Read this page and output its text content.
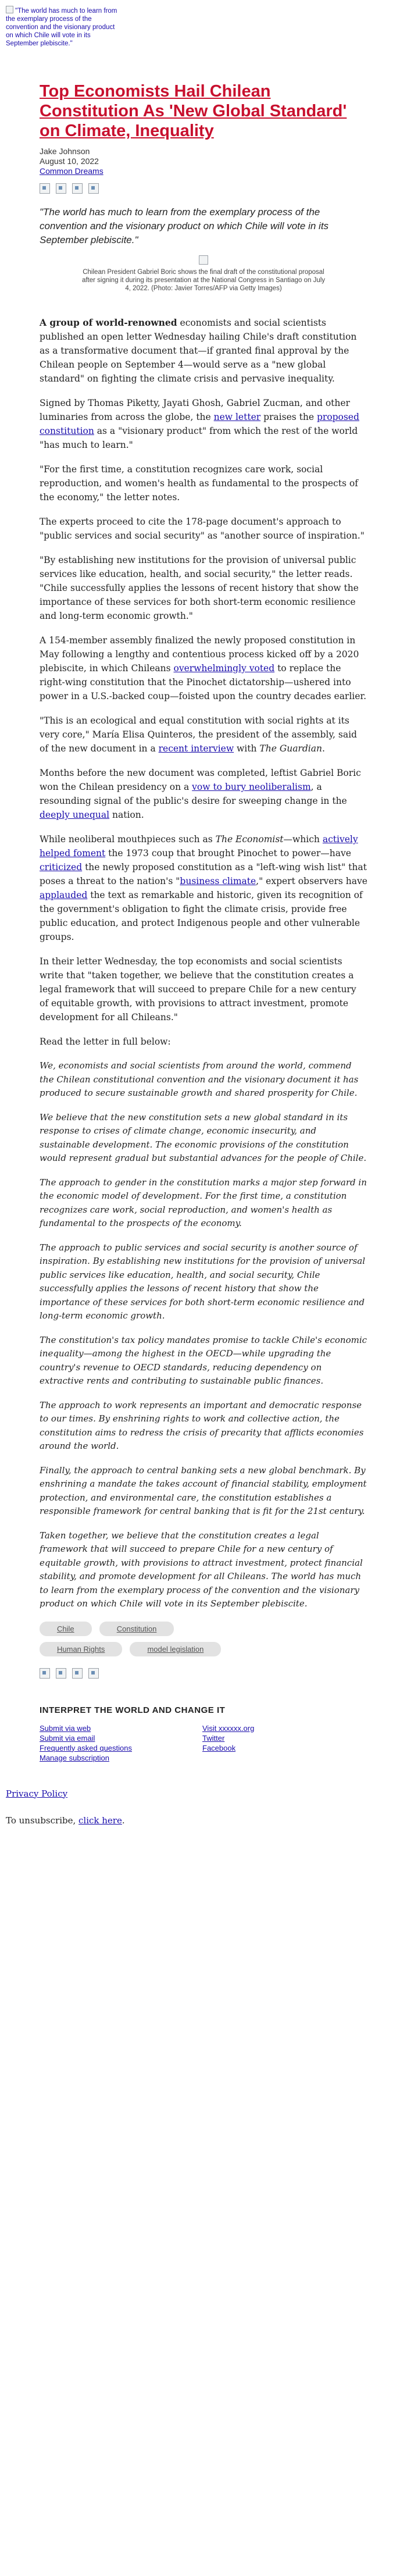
"The world has much to learn from the exemplary process of the convention and the visionary product on which Chile will vote in its September plebiscite."
Top Economists Hail Chilean Constitution As 'New Global Standard' on Climate, Inequality
Jake Johnson
August 10, 2022
Common Dreams

"The world has much to learn from the exemplary process of the convention and the visionary product on which Chile will vote in its September plebiscite."

Chilean President Gabriel Boric shows the final draft of the constitutional proposal after signing it during its presentation at the National Congress in Santiago on July 4, 2022. (Photo: Javier Torres/AFP via Getty Images)

A group of world-renowned economists and social scientists published an open letter Wednesday hailing Chile's draft constitution as a transformative document that—if granted final approval by the Chilean people on September 4—would serve as a "new global standard" on fighting the climate crisis and pervasive inequality.

Signed by Thomas Piketty, Jayati Ghosh, Gabriel Zucman, and other luminaries from across the globe, the new letter praises the proposed constitution as a "visionary product" from which the rest of the world "has much to learn."

"For the first time, a constitution recognizes care work, social reproduction, and women's health as fundamental to the prospects of the economy," the letter notes.

The experts proceed to cite the 178-page document's approach to "public services and social security" as "another source of inspiration."

"By establishing new institutions for the provision of universal public services like education, health, and social security," the letter reads. "Chile successfully applies the lessons of recent history that show the importance of these services for both short-term economic resilience and long-term economic growth."

A 154-member assembly finalized the newly proposed constitution in May following a lengthy and contentious process kicked off by a 2020 plebiscite, in which Chileans overwhelmingly voted to replace the right-wing constitution that the Pinochet dictatorship—ushered into power in a U.S.-backed coup—foisted upon the country decades earlier.

"This is an ecological and equal constitution with social rights at its very core," María Elisa Quinteros, the president of the assembly, said of the new document in a recent interview with The Guardian.

Months before the new document was completed, leftist Gabriel Boric won the Chilean presidency on a vow to bury neoliberalism, a resounding signal of the public's desire for sweeping change in the deeply unequal nation.

While neoliberal mouthpieces such as The Economist—which actively helped foment the 1973 coup that brought Pinochet to power—have criticized the newly proposed constitution as a "left-wing wish list" that poses a threat to the nation's "business climate," expert observers have applauded the text as remarkable and historic, given its recognition of the government's obligation to fight the climate crisis, provide free public education, and protect Indigenous people and other vulnerable groups.

In their letter Wednesday, the top economists and social scientists write that "taken together, we believe that the constitution creates a legal framework that will succeed to prepare Chile for a new century of equitable growth, with provisions to attract investment, promote development for all Chileans."

Read the letter in full below:

We, economists and social scientists from around the world, commend the Chilean constitutional convention and the visionary document it has produced to secure sustainable growth and shared prosperity for Chile.

We believe that the new constitution sets a new global standard in its response to crises of climate change, economic insecurity, and sustainable development. The economic provisions of the constitution would represent gradual but substantial advances for the people of Chile.

The approach to gender in the constitution marks a major step forward in the economic model of development. For the first time, a constitution recognizes care work, social reproduction, and women's health as fundamental to the prospects of the economy.

The approach to public services and social security is another source of inspiration. By establishing new institutions for the provision of universal public services like education, health, and social security, Chile successfully applies the lessons of recent history that show the importance of these services for both short-term economic resilience and long-term economic growth.

The constitution's tax policy mandates promise to tackle Chile's economic inequality—among the highest in the OECD—while upgrading the country's revenue to OECD standards, reducing dependency on extractive rents and contributing to sustainable public finances.

The approach to work represents an important and democratic response to our times. By enshrining rights to work and collective action, the constitution aims to redress the crisis of precarity that afflicts economies around the world.

Finally, the approach to central banking sets a new global benchmark. By enshrining a mandate the takes account of financial stability, employment protection, and environmental care, the constitution establishes a responsible framework for central banking that is fit for the 21st century.

Taken together, we believe that the constitution creates a legal framework that will succeed to prepare Chile for a new century of equitable growth, with provisions to attract investment, protect financial stability, and promote development for all Chileans. The world has much to learn from the exemplary process of the convention and the visionary product on which Chile will vote in its September plebiscite.

Chile	Constitution
Human Rights	model legislation
INTERPRET THE WORLD AND CHANGE IT
Submit via web
Submit via email
Frequently asked questions
Manage subscription
Visit xxxxxx.org
Twitter
Facebook

Privacy Policy

To unsubscribe, click here.
